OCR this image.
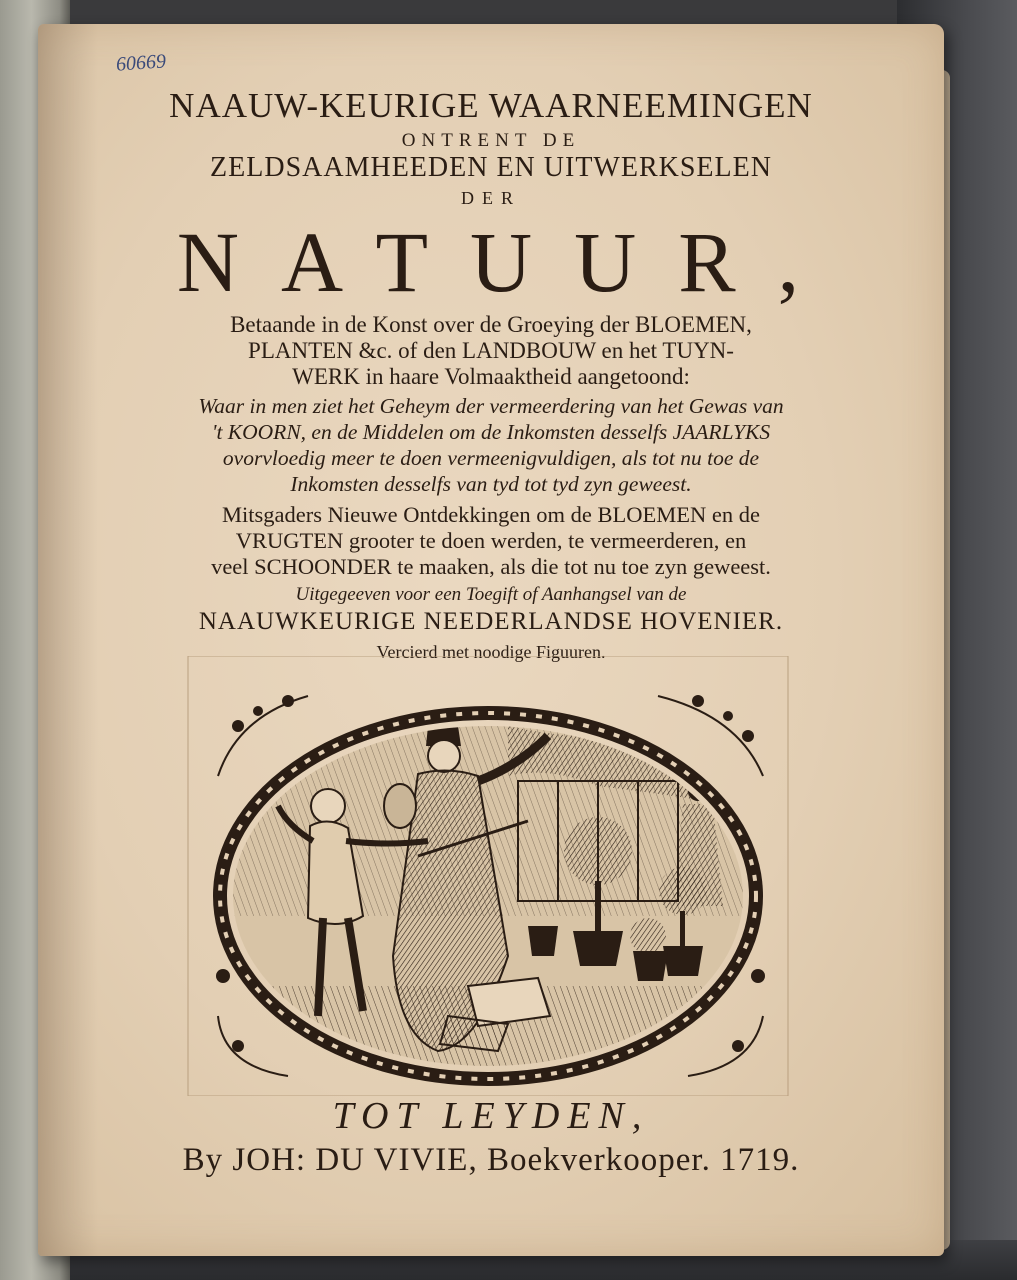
60669
NAAUW-KEURIGE WAARNEEMINGEN
ONTRENT DE
ZELDSAAMHEEDEN EN UITWERKSELEN
DER
NATUUR,
Betaande in de Konst over de Groeying der BLOEMEN,
PLANTEN &c. of den LANDBOUW en het TUYN-
WERK in haare Volmaaktheid aangetoond:
Waar in men ziet het Geheym der vermeerdering van het Gewas van
't KOORN, en de Middelen om de Inkomsten desselfs JAARLYKS
ovorvloedig meer te doen vermeenigvuldigen, als tot nu toe de
Inkomsten desselfs van tyd tot tyd zyn geweest.
Mitsgaders Nieuwe Ontdekkingen om de BLOEMEN en de
VRUGTEN grooter te doen werden, te vermeerderen, en
veel SCHOONDER te maaken, als die tot nu toe zyn geweest.
Uitgegeeven voor een Toegift of Aanhangsel van de
NAAUWKEURIGE NEEDERLANDSE HOVENIER.
Vercierd met noodige Figuuren.
TOT LEYDEN,
By JOH: DU VIVIE, Boekverkooper. 1719.
